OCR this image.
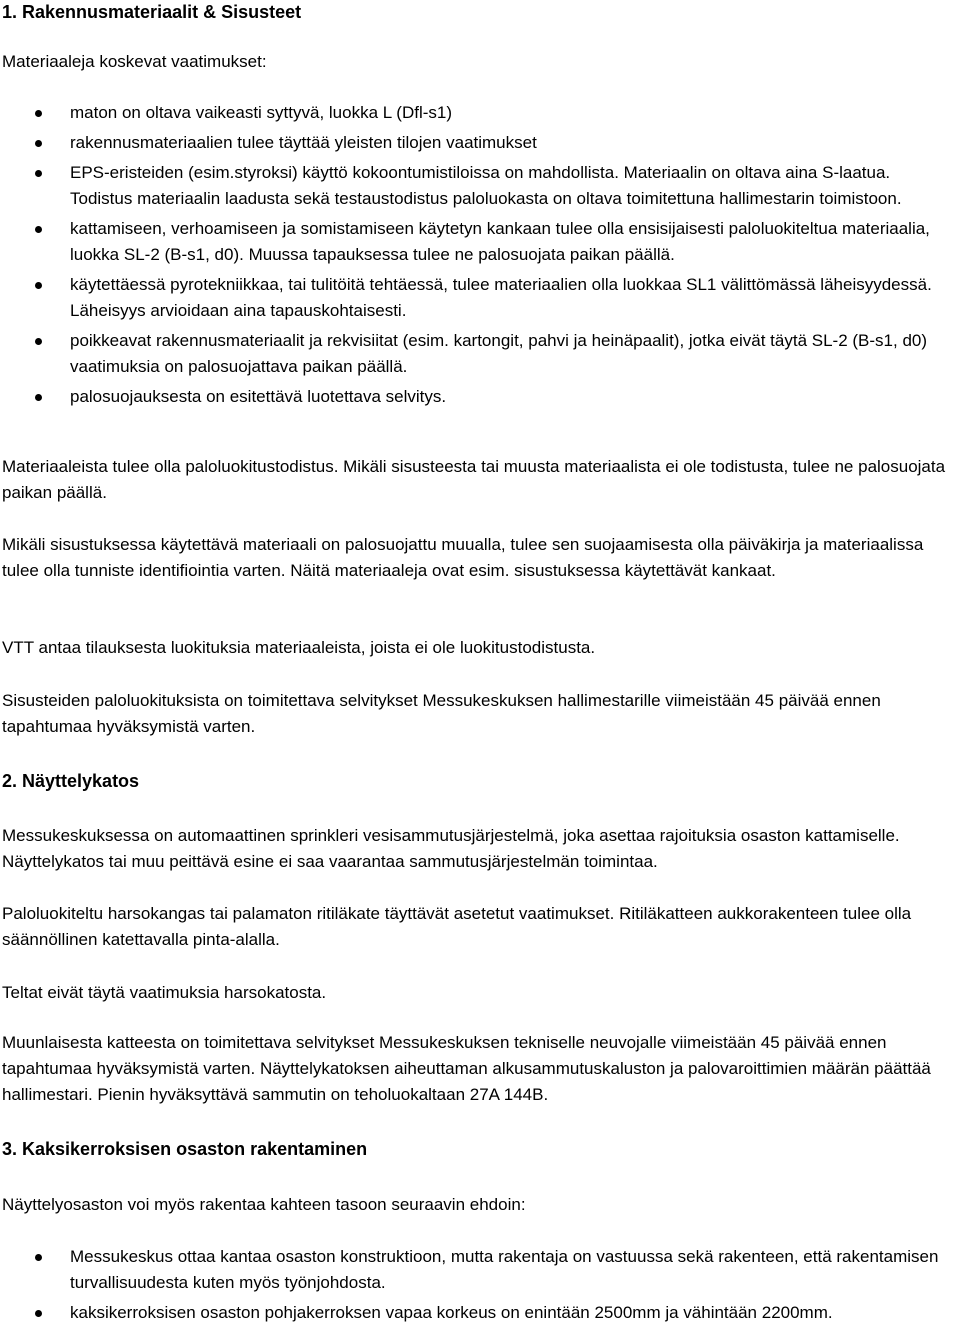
1. Rakennusmateriaalit & Sisusteet

Materiaaleja koskevat vaatimukset:

maton on oltava vaikeasti syttyvä, luokka L (Dfl-s1)
rakennusmateriaalien tulee täyttää yleisten tilojen vaatimukset
EPS-eristeiden (esim.styroksi) käyttö kokoontumistiloissa on mahdollista. Materiaalin on oltava aina S-laatua. Todistus materiaalin laadusta sekä testaustodistus paloluokasta on oltava toimitettuna hallimestarin toimistoon.
kattamiseen, verhoamiseen ja somistamiseen käytetyn kankaan tulee olla ensisijaisesti paloluokiteltua materiaalia, luokka SL-2 (B-s1, d0). Muussa tapauksessa tulee ne palosuojata paikan päällä.
käytettäessä pyrotekniikkaa, tai tulitöitä tehtäessä, tulee materiaalien olla luokkaa SL1 välittömässä läheisyydessä. Läheisyys arvioidaan aina tapauskohtaisesti.
poikkeavat rakennusmateriaalit ja rekvisiitat (esim. kartongit, pahvi ja heinäpaalit), jotka eivät täytä SL-2 (B-s1, d0) vaatimuksia on palosuojattava paikan päällä.
palosuojauksesta on esitettävä luotettava selvitys.

Materiaaleista tulee olla paloluokitustodistus. Mikäli sisusteesta tai muusta materiaalista ei ole todistusta, tulee ne palosuojata paikan päällä.

Mikäli sisustuksessa käytettävä materiaali on palosuojattu muualla, tulee sen suojaamisesta olla päiväkirja ja materiaalissa tulee olla tunniste identifiointia varten. Näitä materiaaleja ovat esim. sisustuksessa käytettävät kankaat.

VTT antaa tilauksesta luokituksia materiaaleista, joista ei ole luokitustodistusta.

Sisusteiden paloluokituksista on toimitettava selvitykset Messukeskuksen hallimestarille viimeistään 45 päivää ennen tapahtumaa hyväksymistä varten.

2. Näyttelykatos

Messukeskuksessa on automaattinen sprinkleri vesisammutusjärjestelmä, joka asettaa rajoituksia osaston kattamiselle. Näyttelykatos tai muu peittävä esine ei saa vaarantaa sammutusjärjestelmän toimintaa.

Paloluokiteltu harsokangas tai palamaton ritiläkate täyttävät asetetut vaatimukset. Ritiläkatteen aukkorakenteen tulee olla säännöllinen katettavalla pinta-alalla.

Teltat eivät täytä vaatimuksia harsokatosta.

Muunlaisesta katteesta on toimitettava selvitykset Messukeskuksen tekniselle neuvojalle viimeistään 45 päivää ennen tapahtumaa hyväksymistä varten. Näyttelykatoksen aiheuttaman alkusammutuskaluston ja palovaroittimien määrän päättää hallimestari. Pienin hyväksyttävä sammutin on teholuokaltaan 27A 144B.

3. Kaksikerroksisen osaston rakentaminen

Näyttelyosaston voi myös rakentaa kahteen tasoon seuraavin ehdoin:

Messukeskus ottaa kantaa osaston konstruktioon, mutta rakentaja on vastuussa sekä rakenteen, että rakentamisen turvallisuudesta kuten myös työnjohdosta.
kaksikerroksisen osaston pohjakerroksen vapaa korkeus on enintään 2500mm ja vähintään 2200mm.
